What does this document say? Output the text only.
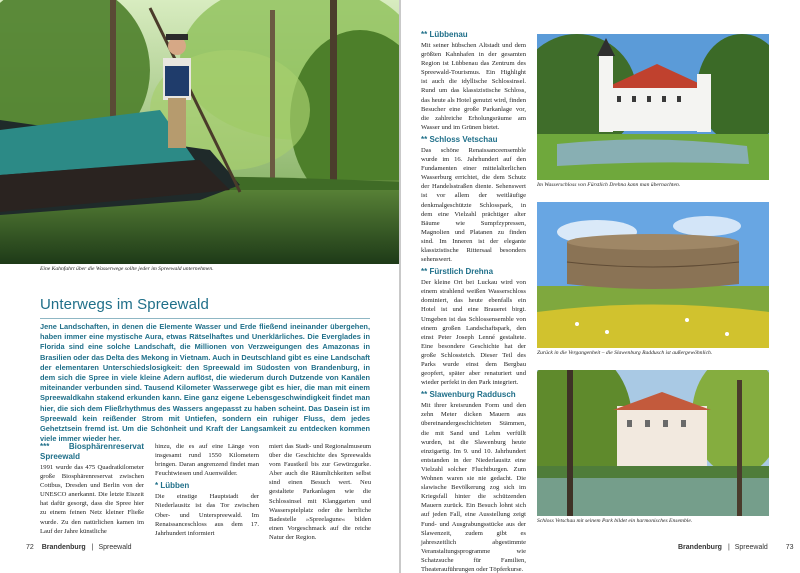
Eine Kahnfahrt über die Wasserwege sollte jeder im Spreewald unternehmen.
Unterwegs im Spreewald
Jene Landschaften, in denen die Elemente Wasser und Erde fließend ineinander übergehen, haben immer eine mystische Aura, etwas Rätselhaftes und Unerklärliches. Die Everglades in Florida sind eine solche Landschaft, die Millionen von Verzweigungen des Amazonas in Brasilien oder das Delta des Mekong in Vietnam. Auch in Deutschland gibt es eine Landschaft der elementaren Unterschiedslosigkeit: den Spreewald im Südosten von Brandenburg, in dem sich die Spree in viele kleine Adern auflöst, die wiederum durch Dutzende von Kanälen miteinander verbunden sind. Tausend Kilometer Wasserwege gibt es hier, die man mit einem Spreewaldkahn stakend erkunden kann. Eine ganz eigene Lebensgeschwindigkeit findet man hier, die sich dem Fließrhythmus des Wassers angepasst zu haben scheint. Das Dasein ist im Spreewald kein reißender Strom mit Untiefen, sondern ein ruhiger Fluss, dem jedes Gehetztsein fremd ist. Um die Schönheit und Kraft der Langsamkeit zu entdecken kommen viele immer wieder her.
*** Biosphärenreservat Spreewald
1991 wurde das 475 Quadratkilometer große Biosphärenreservat zwischen Cottbus, Dresden und Berlin von der UNESCO anerkannt. Die letzte Eiszeit hat dafür gesorgt, dass die Spree hier zu einem feinen Netz kleiner Fließe wurde. Zu den natürlichen kamen im Lauf der Jahre künstliche
hinzu, die es auf eine Länge von insgesamt rund 1550 Kilometern bringen. Daran angrenzend findet man Feuchtwiesen und Auenwälder.
* Lübben
Die einstige Hauptstadt der Niederlausitz ist das Tor zwischen Ober- und Unterspreewald. Im Renaissanceschloss aus dem 17. Jahrhundert informiert
miert das Stadt- und Regionalmuseum über die Geschichte des Spreewalds vom Faustkeil bis zur Gewürzgurke. Aber auch die Räumlichkeiten selbst sind einen Besuch wert. Neu gestaltete Parkanlagen wie die Schlossinsel mit Klanggarten und Wasserspielplatz oder die herrliche Badestelle »Spreelagune« bilden einen Vorgeschmack auf die reiche Natur der Region.
72 Brandenburg | Spreewald
** Lübbenau
Mit seiner hübschen Altstadt und dem größten Kahnhafen in der gesamten Region ist Lübbenau das Zentrum des Spreewald-Tourismus. Ein Highlight ist auch die idyllische Schlossinsel. Rund um das klassizistische Schloss, das heute als Hotel genutzt wird, finden Besucher eine große Parkanlage vor, die zahlreiche Erholungsräume am Wasser und im Grünen bietet.
** Schloss Vetschau
Das schöne Renaissanceensemble wurde im 16. Jahrhundert auf den Fundamenten einer mittelalterlichen Wasserburg errichtet, die dem Schutz der Handelsstraßen diente. Sehenswert ist vor allem der weitläufige denkmalgeschützte Schlosspark, in dem eine Vielzahl prächtiger alter Bäume wie Sumpfzypressen, Magnolien und Platanen zu finden sind. Im Inneren ist der elegante klassizistische Rittersaal besonders sehenswert.
** Fürstlich Drehna
Der kleine Ort bei Luckau wird von einem strahlend weißen Wasserschloss dominiert, das heute ebenfalls ein Hotel ist und eine Brauerei birgt. Umgeben ist das Schlossensemble von einem großen Landschaftspark, den einst Peter Joseph Lenné gestaltete. Eine besondere Geschichte hat der große Schlossteich. Dieser Teil des Parks wurde einst dem Bergbau geopfert, später aber renaturiert und wieder perfekt in den Park integriert.
** Slawenburg Raddusch
Mit ihrer kreisrunden Form und den zehn Meter dicken Mauern aus übereinandergeschichteten Stämmen, die mit Sand und Lehm verfüllt wurden, ist die Slawenburg heute einzigartig. Im 9. und 10. Jahrhundert entstanden in der Niederlausitz eine Vielzahl solcher Fluchtburgen. Zum Wohnen waren sie nie gedacht. Die slawische Bevölkerung zog sich im Kriegsfall hinter die schützenden Mauern zurück. Ein Besuch lohnt sich auf jeden Fall, eine Ausstellung zeigt Fund- und Ausgrabungsstücke aus der Slawenzeit, zudem gibt es jahreszeitlich abgestimmte Veranstaltungsprogramme wie Schatzsuche für Familien, Theaterauführungen oder Töpferkurse.
Im Wasserschloss von Fürstlich Drehna kann man übernachten.
Zurück in die Vergangenheit – die Slawenburg Raddusch ist außergewöhnlich.
Schloss Vetschau mit seinem Park bildet ein harmonisches Ensemble.
Brandenburg | Spreewald	73
